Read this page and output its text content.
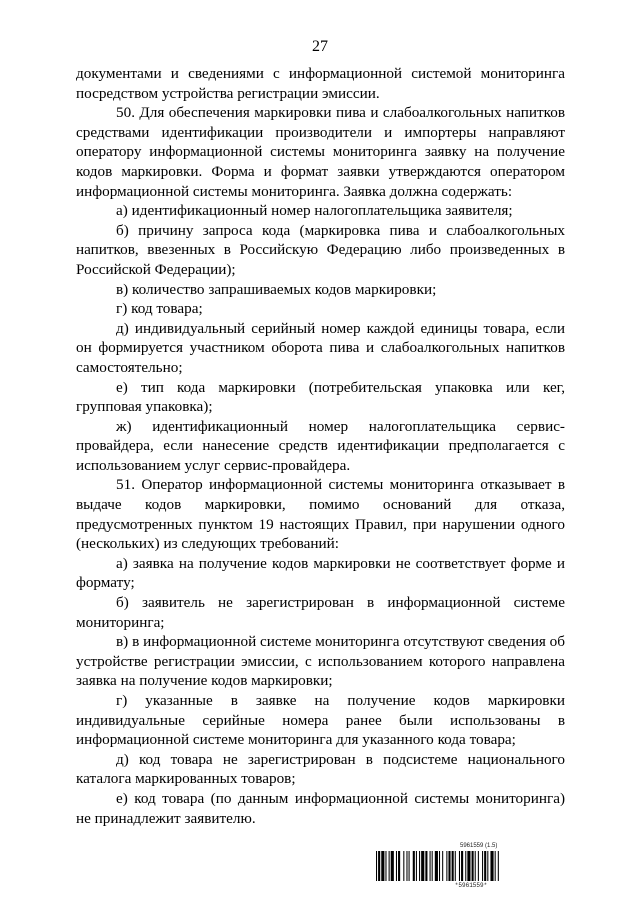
27

документами и сведениями с информационной системой мониторинга посредством устройства регистрации эмиссии.

50. Для обеспечения маркировки пива и слабоалкогольных напитков средствами идентификации производители и импортеры направляют оператору информационной системы мониторинга заявку на получение кодов маркировки. Форма и формат заявки утверждаются оператором информационной системы мониторинга. Заявка должна содержать:

а) идентификационный номер налогоплательщика заявителя;

б) причину запроса кода (маркировка пива и слабоалкогольных напитков, ввезенных в Российскую Федерацию либо произведенных в Российской Федерации);

в) количество запрашиваемых кодов маркировки;

г) код товара;

д) индивидуальный серийный номер каждой единицы товара, если он формируется участником оборота пива и слабоалкогольных напитков самостоятельно;

е) тип кода маркировки (потребительская упаковка или кег, групповая упаковка);

ж) идентификационный номер налогоплательщика сервис-провайдера, если нанесение средств идентификации предполагается с использованием услуг сервис-провайдера.

51. Оператор информационной системы мониторинга отказывает в выдаче кодов маркировки, помимо оснований для отказа, предусмотренных пунктом 19 настоящих Правил, при нарушении одного (нескольких) из следующих требований:

а) заявка на получение кодов маркировки не соответствует форме и формату;

б) заявитель не зарегистрирован в информационной системе мониторинга;

в) в информационной системе мониторинга отсутствуют сведения об устройстве регистрации эмиссии, с использованием которого направлена заявка на получение кодов маркировки;

г) указанные в заявке на получение кодов маркировки индивидуальные серийные номера ранее были использованы в информационной системе мониторинга для указанного кода товара;

д) код товара не зарегистрирован в подсистеме национального каталога маркированных товаров;

е) код товара (по данным информационной системы мониторинга) не принадлежит заявителю.

5961559 (1.5)
*5961559*
